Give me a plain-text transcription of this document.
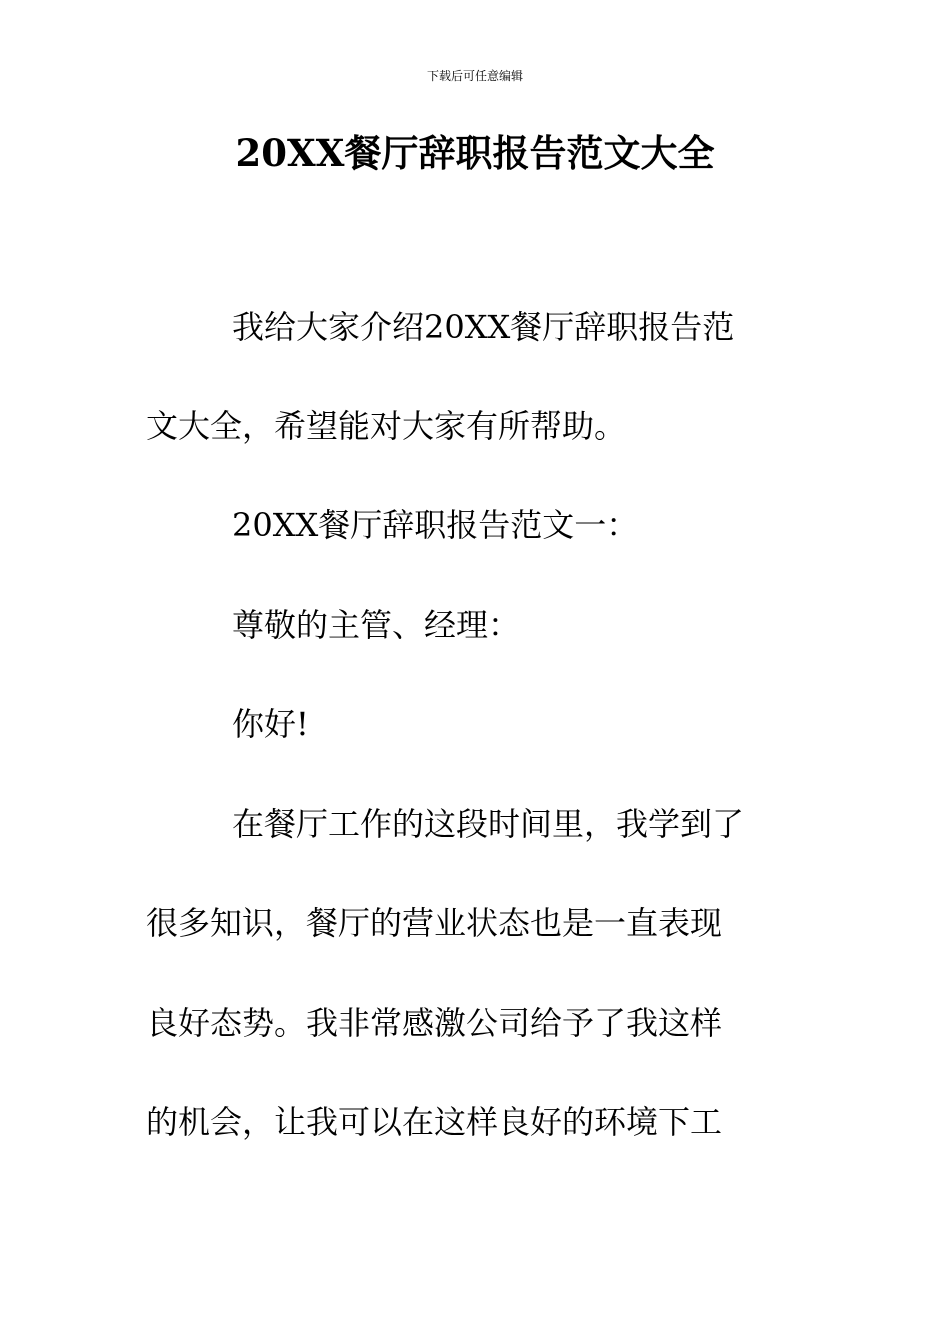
下载后可任意编辑
20XX餐厅辞职报告范文大全

我给大家介绍20XX餐厅辞职报告范

文大全，希望能对大家有所帮助。

20XX餐厅辞职报告范文一：

尊敬的主管、经理：

你好!

在餐厅工作的这段时间里，我学到了

很多知识，餐厅的营业状态也是一直表现

良好态势。我非常感激公司给予了我这样

的机会，让我可以在这样良好的环境下工
